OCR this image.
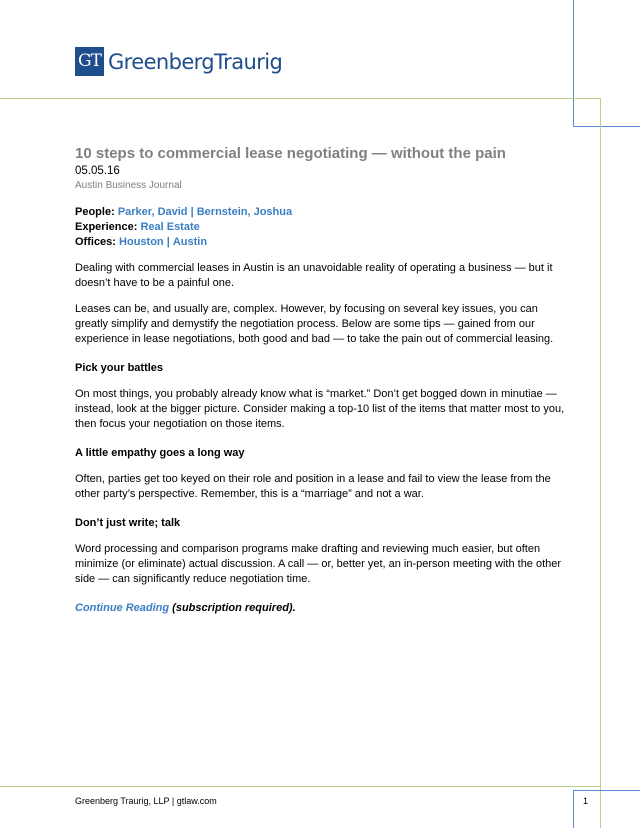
GT GreenbergTraurig
10 steps to commercial lease negotiating — without the pain
05.05.16
Austin Business Journal
People: Parker, David | Bernstein, Joshua
Experience: Real Estate
Offices: Houston | Austin

Dealing with commercial leases in Austin is an unavoidable reality of operating a business — but it doesn’t have to be a painful one.

Leases can be, and usually are, complex. However, by focusing on several key issues, you can greatly simplify and demystify the negotiation process. Below are some tips — gained from our experience in lease negotiations, both good and bad — to take the pain out of commercial leasing.

Pick your battles

On most things, you probably already know what is “market.” Don’t get bogged down in minutiae — instead, look at the bigger picture. Consider making a top-10 list of the items that matter most to you, then focus your negotiation on those items.

A little empathy goes a long way

Often, parties get too keyed on their role and position in a lease and fail to view the lease from the other party’s perspective. Remember, this is a “marriage” and not a war.

Don’t just write; talk

Word processing and comparison programs make drafting and reviewing much easier, but often minimize (or eliminate) actual discussion. A call — or, better yet, an in-person meeting with the other side — can significantly reduce negotiation time.

Continue Reading (subscription required).

Greenberg Traurig, LLP | gtlaw.com	1
